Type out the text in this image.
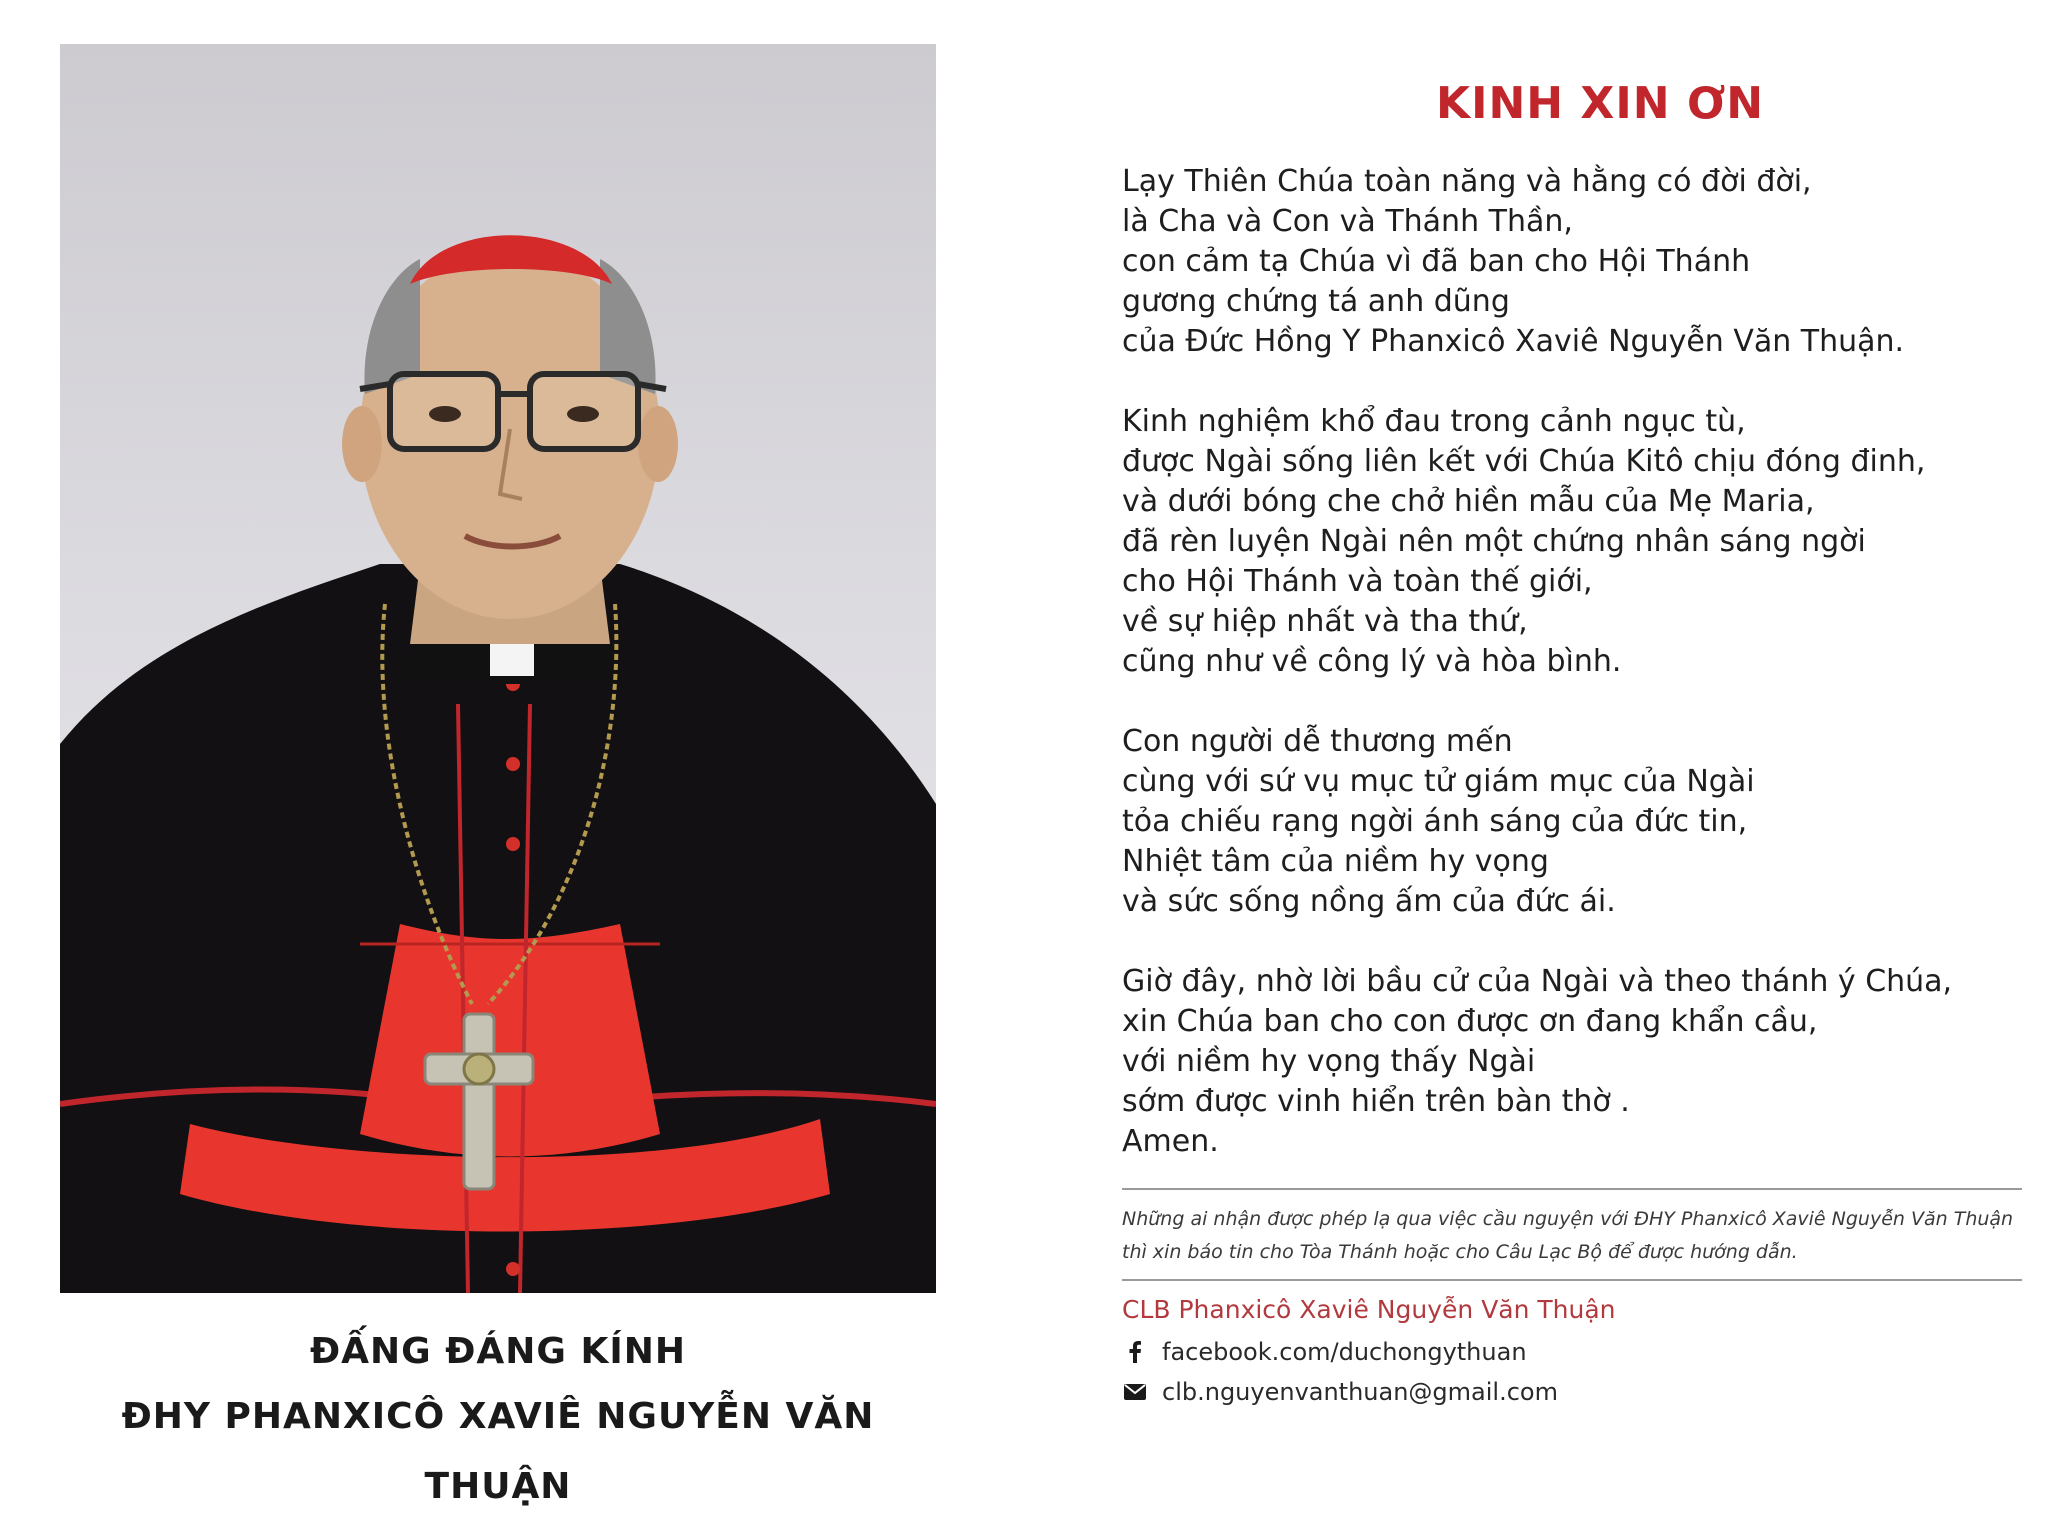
ĐẤNG ĐÁNG KÍNH
ĐHY PHANXICÔ XAVIÊ NGUYỄN VĂN THUẬN
KINH XIN ƠN
Lạy Thiên Chúa toàn năng và hằng có đời đời,
là Cha và Con và Thánh Thần,
con cảm tạ Chúa vì đã ban cho Hội Thánh
gương chứng tá anh dũng
của Đức Hồng Y Phanxicô Xaviê Nguyễn Văn Thuận.
Kinh nghiệm khổ đau trong cảnh ngục tù,
được Ngài sống liên kết với Chúa Kitô chịu đóng đinh,
và dưới bóng che chở hiền mẫu của Mẹ Maria,
đã rèn luyện Ngài nên một chứng nhân sáng ngời
cho Hội Thánh và toàn thế giới,
về sự hiệp nhất và tha thứ,
cũng như về công lý và hòa bình.
Con người dễ thương mến
cùng với sứ vụ mục tử giám mục của Ngài
tỏa chiếu rạng ngời ánh sáng của đức tin,
Nhiệt tâm của niềm hy vọng
và sức sống nồng ấm của đức ái.
Giờ đây, nhờ lời bầu cử của Ngài và theo thánh ý Chúa,
xin Chúa ban cho con được ơn đang khẩn cầu,
với niềm hy vọng thấy Ngài
sớm được vinh hiển trên bàn thờ .
Amen.
Những ai nhận được phép lạ qua việc cầu nguyện với ĐHY Phanxicô Xaviê Nguyễn Văn Thuận
thì xin báo tin cho Tòa Thánh hoặc cho Câu Lạc Bộ để được hướng dẫn.
CLB Phanxicô Xaviê Nguyễn Văn Thuận
facebook.com/duchongythuan
clb.nguyenvanthuan@gmail.com
